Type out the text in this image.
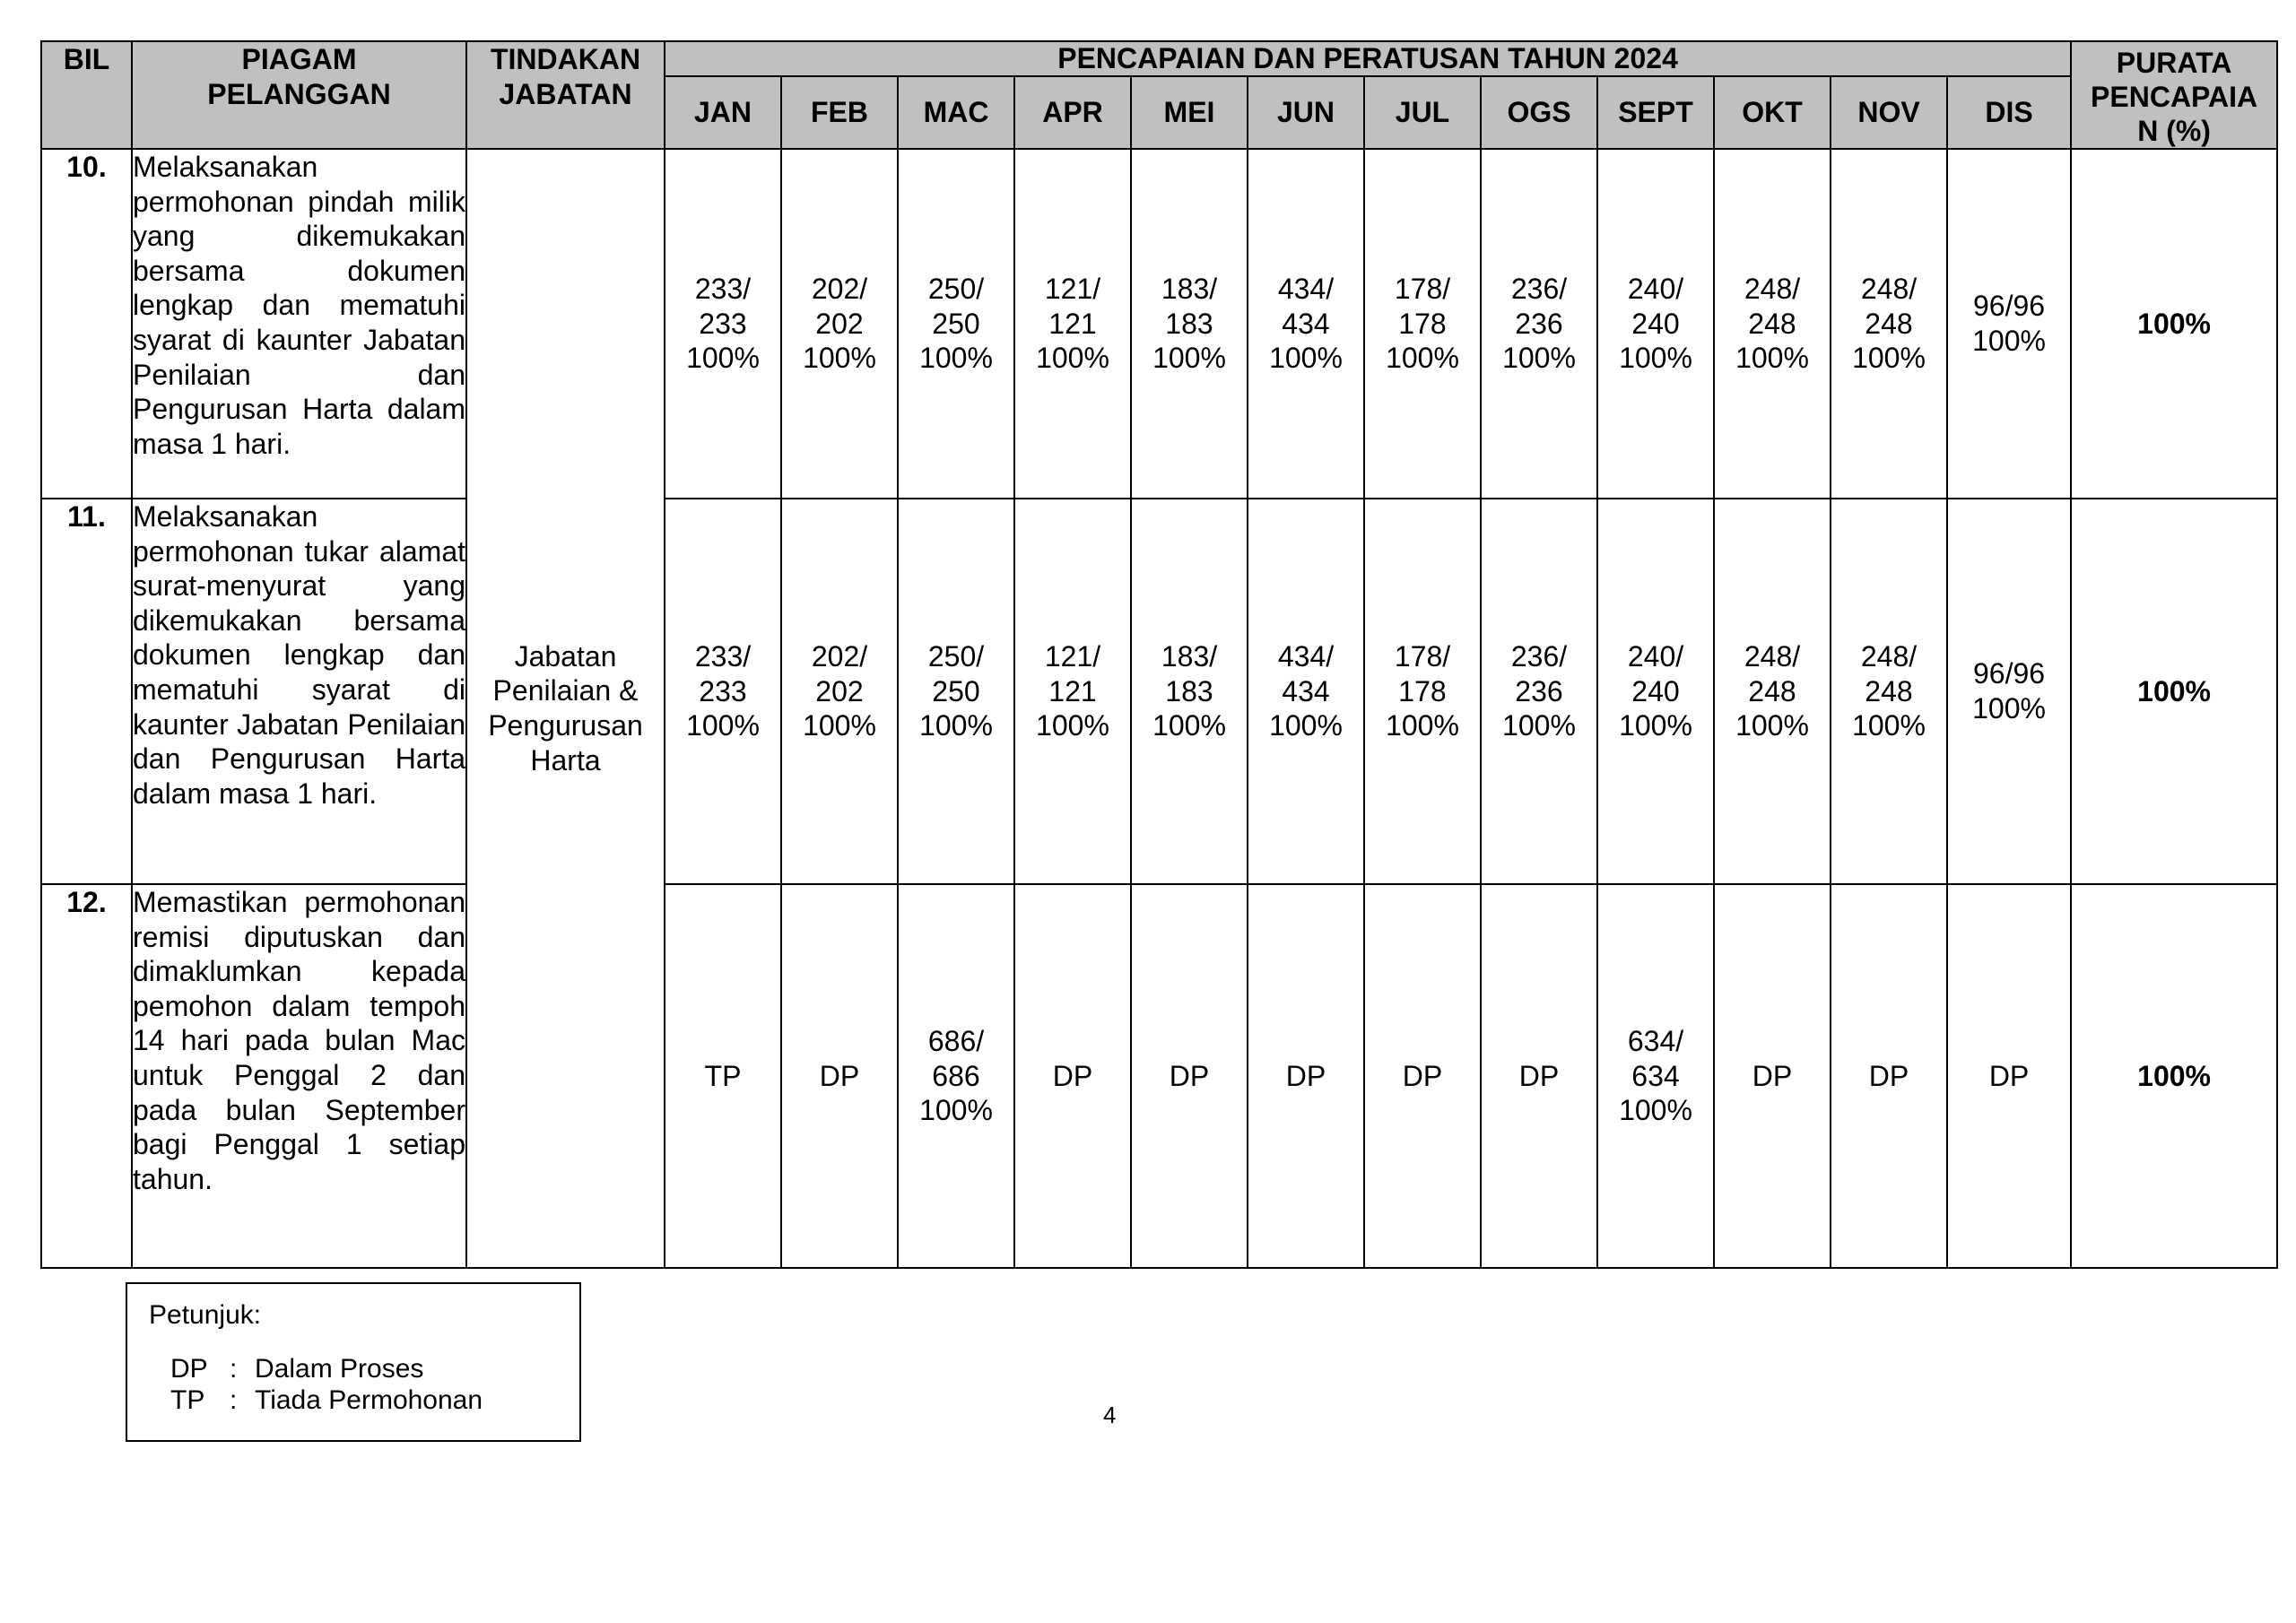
BIL	PIAGAM
PELANGGAN	TINDAKAN
JABATAN	PENCAPAIAN DAN PERATUSAN TAHUN 2024												PURATA
PENCAPAIA
N (%)

			JAN	FEB	MAC	APR	MEI	JUN	JUL	OGS	SEPT	OKT	NOV	DIS	
10.	Melaksanakan permohonan pindah milik yang dikemukakan bersama dokumen lengkap dan mematuhi syarat di kaunter Jabatan Penilaian dan Pengurusan Harta dalam masa 1 hari.	Jabatan
Penilaian &
Pengurusan
Harta	233/
233
100%	202/
202
100%	250/
250
100%	121/
121
100%	183/
183
100%	434/
434
100%	178/
178
100%	236/
236
100%	240/
240
100%	248/
248
100%	248/
248
100%	96/96
100%	100%
11.	Melaksanakan permohonan tukar alamat surat-menyurat yang dikemukakan bersama dokumen lengkap dan mematuhi syarat di kaunter Jabatan Penilaian dan Pengurusan Harta dalam masa 1 hari.		233/
233
100%	202/
202
100%	250/
250
100%	121/
121
100%	183/
183
100%	434/
434
100%	178/
178
100%	236/
236
100%	240/
240
100%	248/
248
100%	248/
248
100%	96/96
100%	100%
12.	Memastikan permohonan remisi diputuskan dan dimaklumkan kepada pemohon dalam tempoh 14 hari pada bulan Mac untuk Penggal 2 dan pada bulan September bagi Penggal 1 setiap tahun.		TP	DP	686/
686
100%	DP	DP	DP	DP	DP	634/
634
100%	DP	DP	DP	100%
Petunjuk:
DP : Dalam Proses
TP : Tiada Permohonan	4
